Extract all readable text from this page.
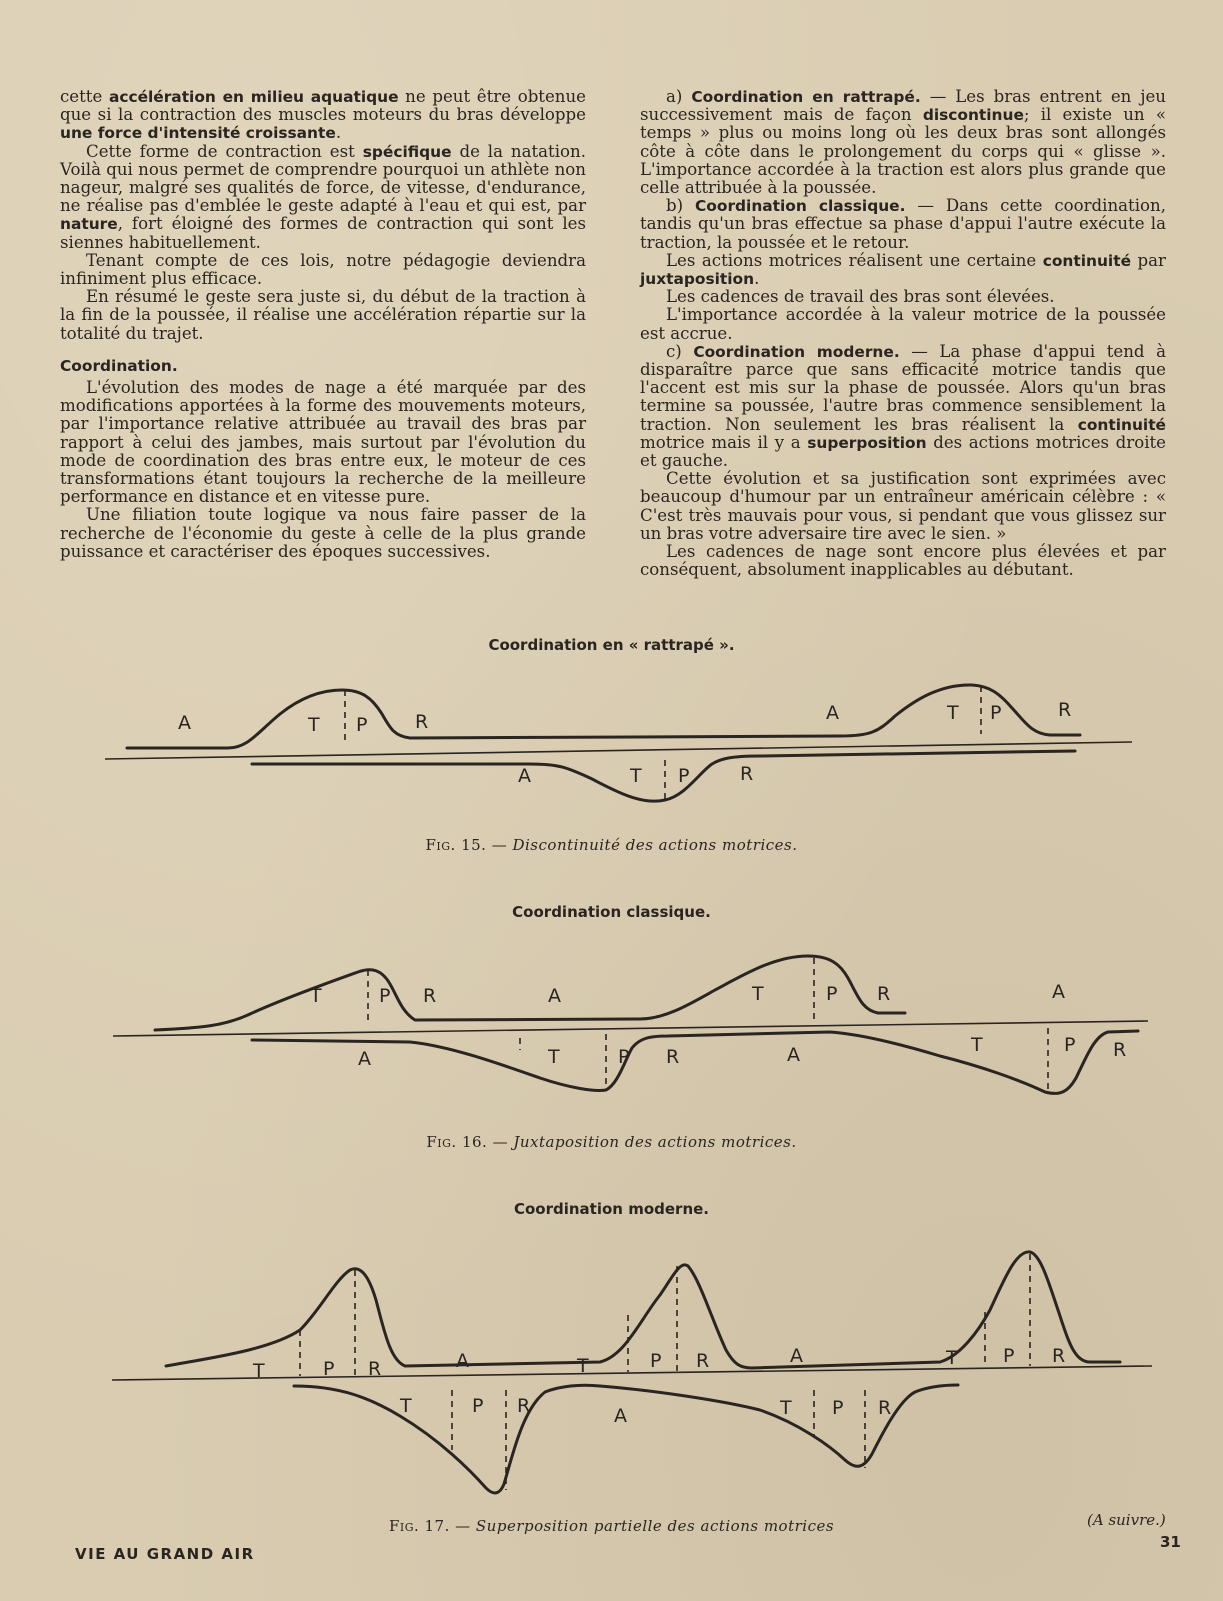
cette accélération en milieu aquatique ne peut être obtenue que si la contraction des muscles moteurs du bras développe une force d'intensité croissante.

Cette forme de contraction est spécifique de la natation. Voilà qui nous permet de comprendre pourquoi un athlète non nageur, malgré ses qualités de force, de vitesse, d'endurance, ne réalise pas d'emblée le geste adapté à l'eau et qui est, par nature, fort éloigné des formes de contraction qui sont les siennes habituellement.

Tenant compte de ces lois, notre pédagogie deviendra infiniment plus efficace.

En résumé le geste sera juste si, du début de la traction à la fin de la poussée, il réalise une accélération répartie sur la totalité du trajet.

Coordination.

L'évolution des modes de nage a été marquée par des modifications apportées à la forme des mouvements moteurs, par l'importance relative attribuée au travail des bras par rapport à celui des jambes, mais surtout par l'évolution du mode de coordination des bras entre eux, le moteur de ces transformations étant toujours la recherche de la meilleure performance en distance et en vitesse pure.

Une filiation toute logique va nous faire passer de la recherche de l'économie du geste à celle de la plus grande puissance et caractériser des époques successives.

a) Coordination en rattrapé. — Les bras entrent en jeu successivement mais de façon discontinue; il existe un « temps » plus ou moins long où les deux bras sont allongés côte à côte dans le prolongement du corps qui « glisse ». L'importance accordée à la traction est alors plus grande que celle attribuée à la poussée.

b) Coordination classique. — Dans cette coordination, tandis qu'un bras effectue sa phase d'appui l'autre exécute la traction, la poussée et le retour.

Les actions motrices réalisent une certaine continuité par juxtaposition.

Les cadences de travail des bras sont élevées.

L'importance accordée à la valeur motrice de la poussée est accrue.

c) Coordination moderne. — La phase d'appui tend à disparaître parce que sans efficacité motrice tandis que l'accent est mis sur la phase de poussée. Alors qu'un bras termine sa poussée, l'autre bras commence sensiblement la traction. Non seulement les bras réalisent la continuité motrice mais il y a superposition des actions motrices droite et gauche.

Cette évolution et sa justification sont exprimées avec beaucoup d'humour par un entraîneur américain célèbre : « C'est très mauvais pour vous, si pendant que vous glissez sur un bras votre adversaire tire avec le sien. »

Les cadences de nage sont encore plus élevées et par conséquent, absolument inapplicables au débutant.

Coordination en « rattrapé ».
A	T P	R	A	T P	R
A	T P	R
Fig. 15. — Discontinuité des actions motrices.
Coordination classique.
T	P R	A	T	P R	A
A	T	P R	A	T	P R
Fig. 16. — Juxtaposition des actions motrices.
Coordination moderne.
T	P R	A	T	P R	A	T P R
T	P R	A	T P R
Fig. 17. — Superposition partielle des actions motrices
VIE AU GRAND AIR
(A suivre.)
31
